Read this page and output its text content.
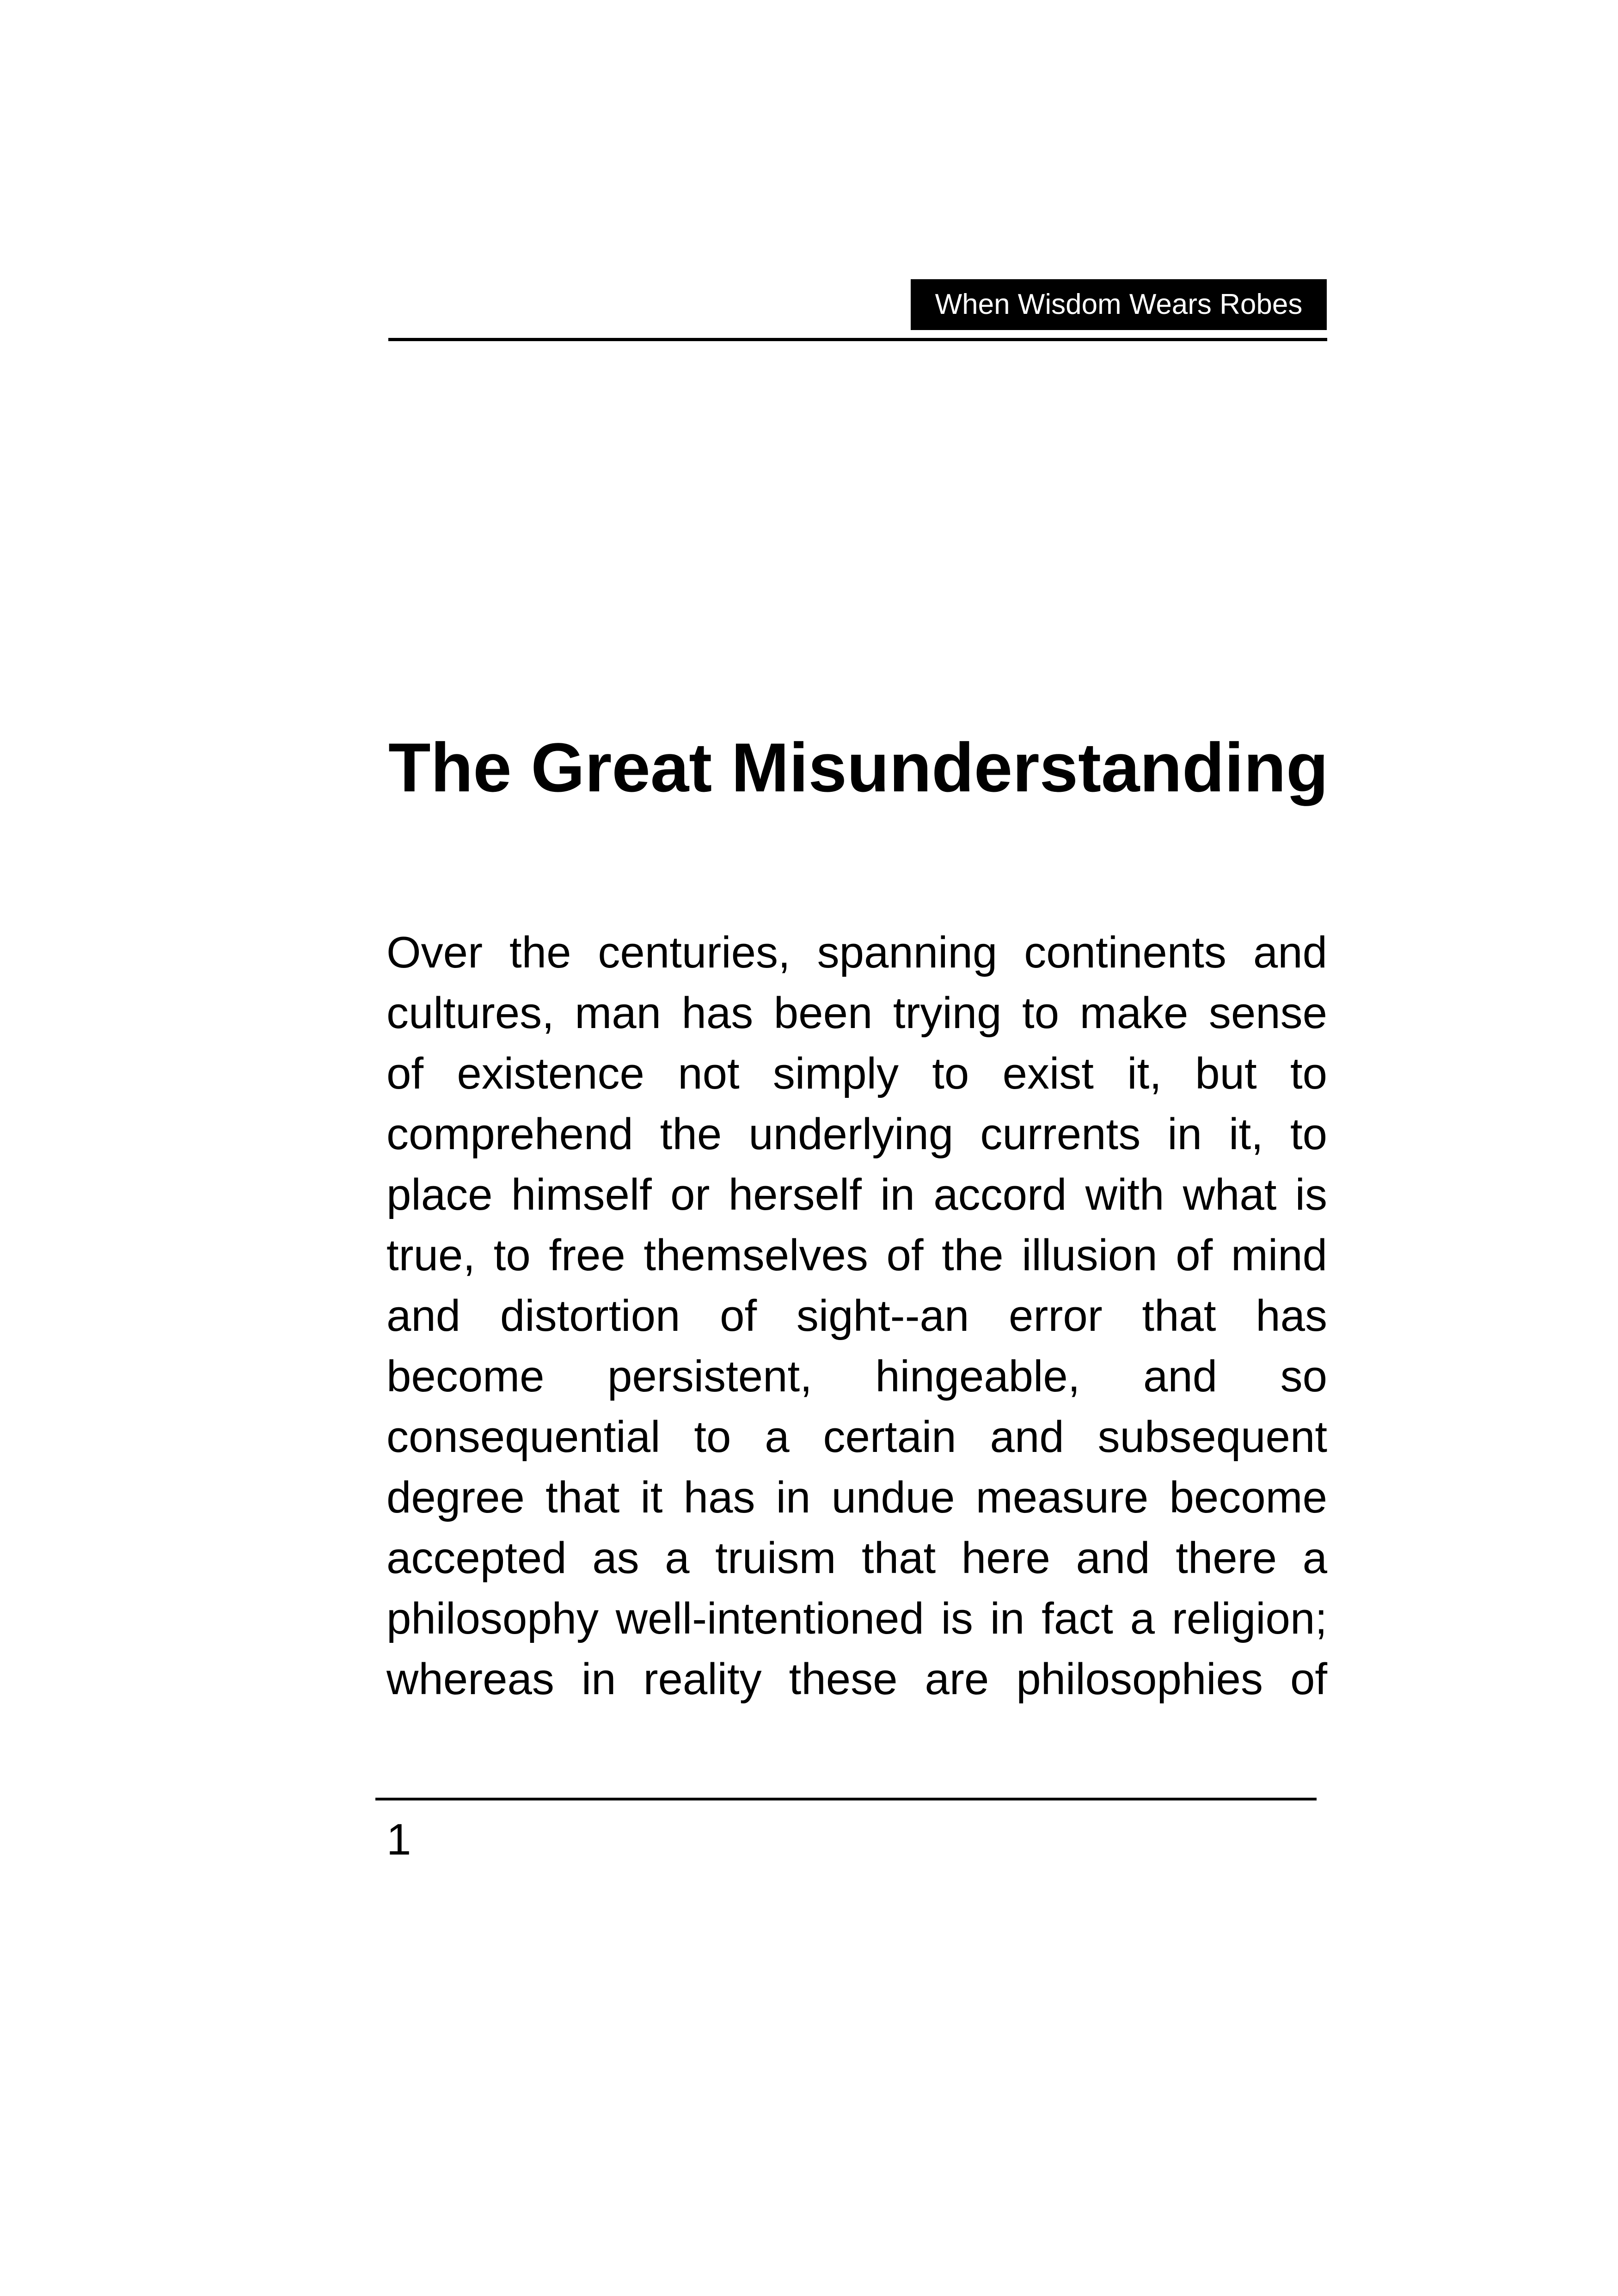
When Wisdom Wears Robes
The Great Misunderstanding
Over the centuries, spanning continents and
cultures, man has been trying to make sense
of existence not simply to exist it, but to
comprehend the underlying currents in it, to
place himself or herself in accord with what is
true, to free themselves of the illusion of mind
and distortion of sight--an error that has
become persistent, hingeable, and so
consequential to a certain and subsequent
degree that it has in undue measure become
accepted as a truism that here and there a
philosophy well-intentioned is in fact a religion;
whereas in reality these are philosophies of
1
